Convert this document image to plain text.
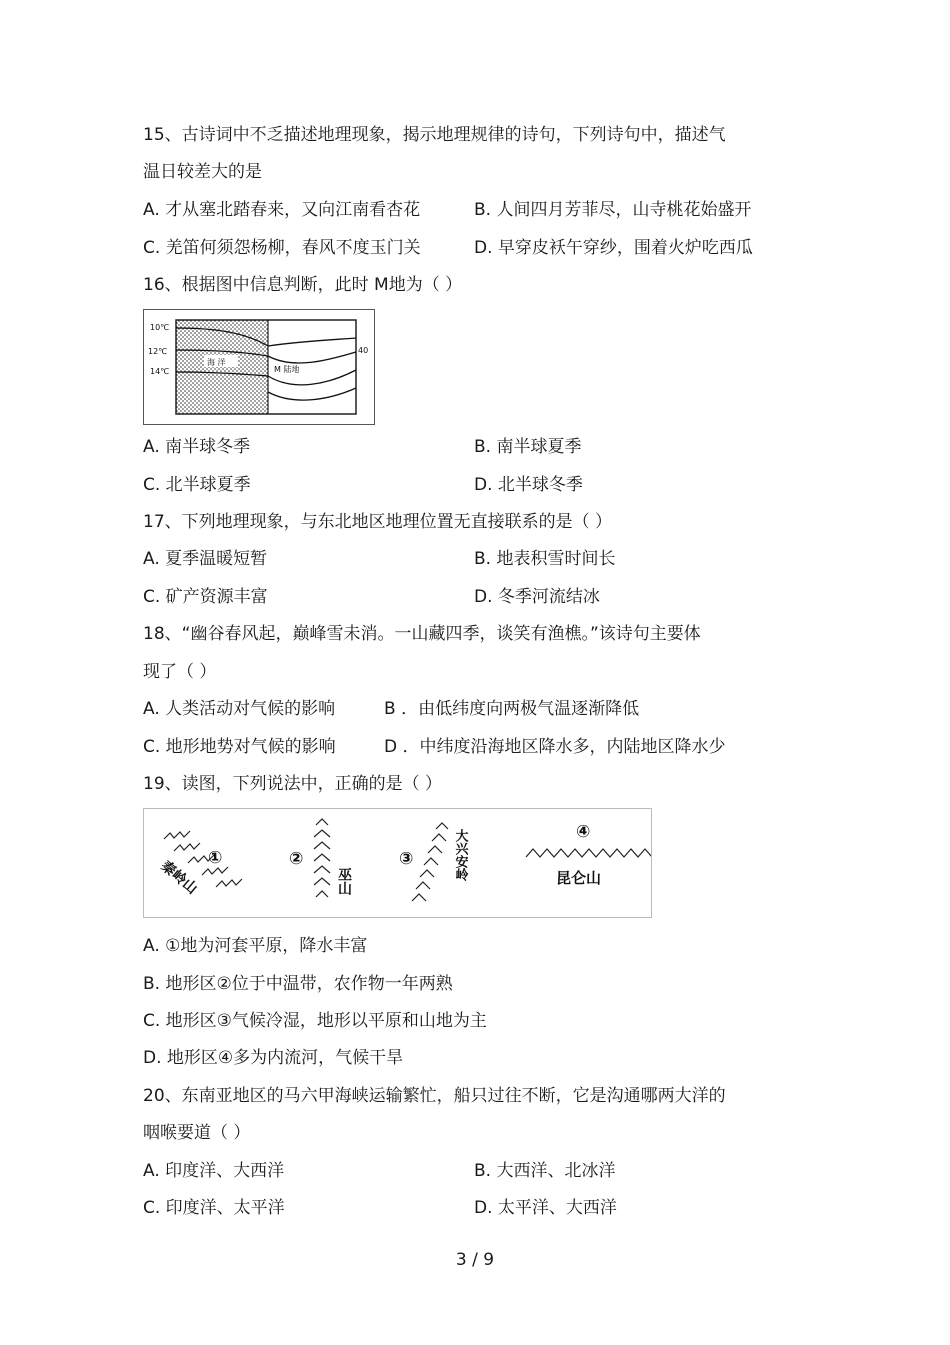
15、古诗词中不乏描述地理现象，揭示地理规律的诗句，下列诗句中，描述气
温日较差大的是
A. 才从塞北踏春来，又向江南看杏花	B. 人间四月芳菲尽，山寺桃花始盛开
C. 羌笛何须怨杨柳，春风不度玉门关	D. 早穿皮袄午穿纱，围着火炉吃西瓜
16、根据图中信息判断，此时 M地为（ ）
10℃
12℃
14℃
40
海 洋
M 陆地
A. 南半球冬季	B. 南半球夏季
C. 北半球夏季	D. 北半球冬季
17、下列地理现象，与东北地区地理位置无直接联系的是（ ）
A. 夏季温暖短暂	B. 地表积雪时间长
C. 矿产资源丰富	D. 冬季河流结冰
18、“幽谷春风起，巅峰雪未消。一山藏四季，谈笑有渔樵。”该诗句主要体
现了（ ）
A. 人类活动对气候的影响	B ．由低纬度向两极气温逐渐降低
C. 地形地势对气候的影响	D ．中纬度沿海地区降水多，内陆地区降水少
19、读图，下列说法中，正确的是（ ）
①
秦岭山	②
巫山
③	大兴安岭	④
昆仑山
A. ①地为河套平原，降水丰富
B. 地形区②位于中温带，农作物一年两熟
C. 地形区③气候冷湿，地形以平原和山地为主
D. 地形区④多为内流河，气候干旱
20、东南亚地区的马六甲海峡运输繁忙，船只过往不断，它是沟通哪两大洋的
咽喉要道（ ）
A. 印度洋、大西洋	B. 大西洋、北冰洋
C. 印度洋、太平洋	D. 太平洋、大西洋
3 / 9
